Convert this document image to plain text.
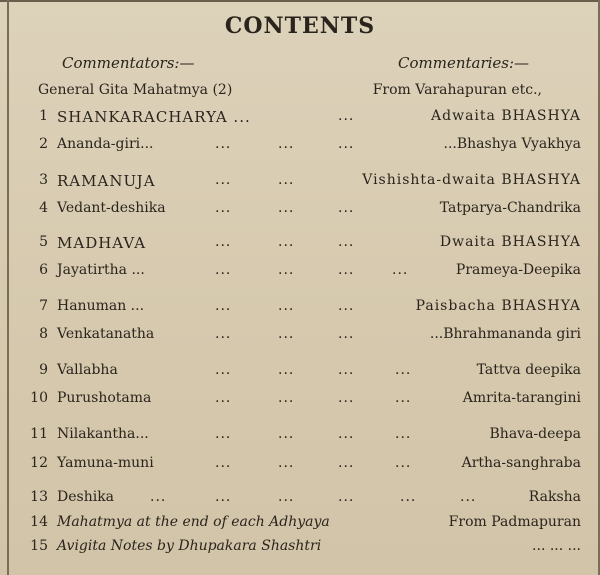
CONTENTS
Commentators:—	Commentaries:—
General Gita Mahatmya (2)	From Varahapuran etc.,
1 SHANKARACHARYA ...	...	Adwaita BHASHYA
2 Ananda-giri...	...	...	...	...Bhashya Vyakhya
3 RAMANUJA	...	...	Vishishta-dwaita BHASHYA
4 Vedant-deshika	...	...	...	Tatparya-Chandrika
5 MADHAVA	...	...	...	Dwaita BHASHYA
6 Jayatirtha ...	...	...	...	...	Prameya-Deepika
7 Hanuman ...	...	...	...	Paisbacha BHASHYA
8 Venkatanatha	...	...	...	...Bhrahmananda giri
9 Vallabha	...	...	...	...	Tattva deepika
10 Purushotama	...	...	...	...	Amrita-tarangini
11 Nilakantha...	...	...	...	...	Bhava-deepa
12 Yamuna-muni	...	...	...	...	Artha-sanghraba
13 Deshika	...	...	...	...	...	...	Raksha
14 Mahatmya at the end of each Adhyaya	From Padmapuran
15 Avigita Notes by Dhupakara Shashtri	... ... ...
